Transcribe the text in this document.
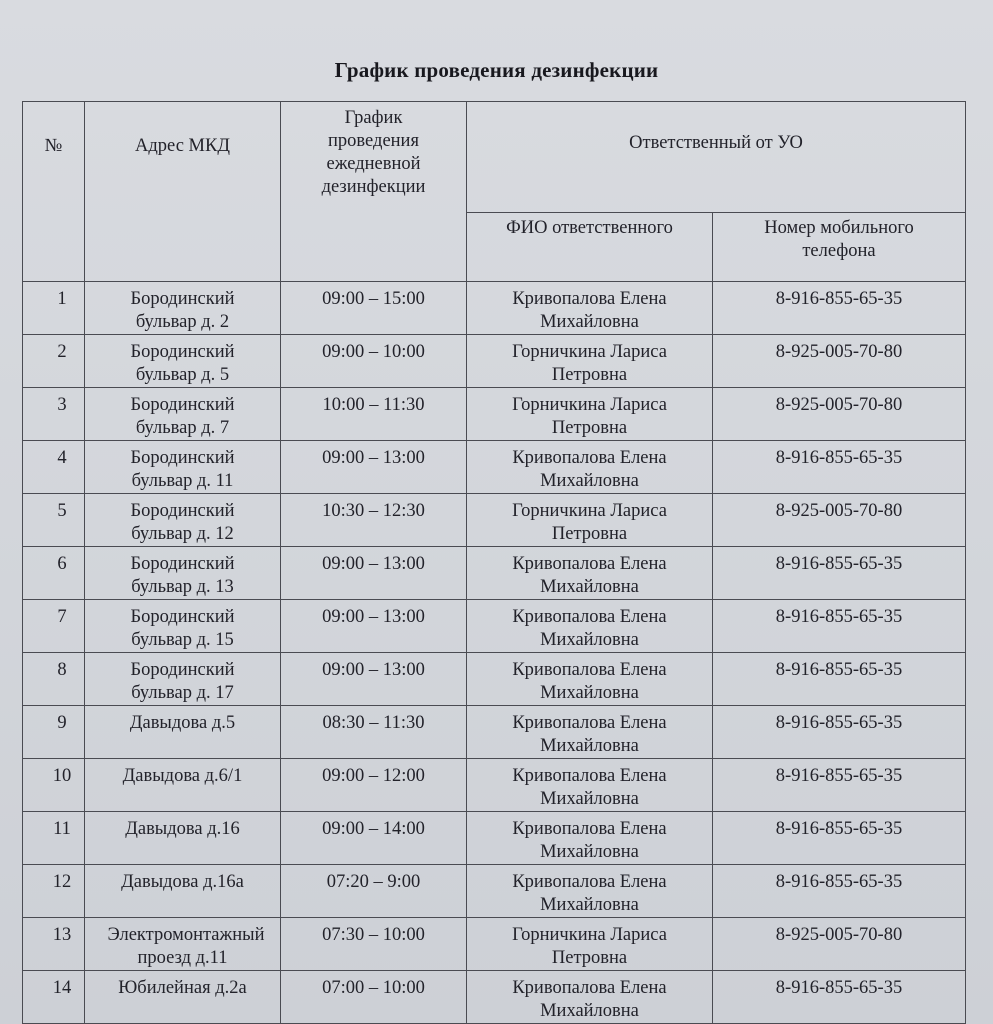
График проведения дезинфекции
№	Адрес МКД	График проведения ежедневной дезинфекции	Ответственный от УО	
			ФИО ответственного	Номер мобильного телефона

1	Бородинский бульвар д. 2	09:00 – 15:00	Кривопалова Елена Михайловна	8-916-855-65-35

2	Бородинский бульвар д. 5	09:00 – 10:00	Горничкина Лариса Петровна	8-925-005-70-80

3	Бородинский бульвар д. 7	10:00 – 11:30	Горничкина Лариса Петровна	8-925-005-70-80

4	Бородинский бульвар д. 11	09:00 – 13:00	Кривопалова Елена Михайловна	8-916-855-65-35

5	Бородинский бульвар д. 12	10:30 – 12:30	Горничкина Лариса Петровна	8-925-005-70-80

6	Бородинский бульвар д. 13	09:00 – 13:00	Кривопалова Елена Михайловна	8-916-855-65-35

7	Бородинский бульвар д. 15	09:00 – 13:00	Кривопалова Елена Михайловна	8-916-855-65-35

8	Бородинский бульвар д. 17	09:00 – 13:00	Кривопалова Елена Михайловна	8-916-855-65-35

9	Давыдова д.5	08:30 – 11:30	Кривопалова Елена Михайловна	8-916-855-65-35

10	Давыдова д.6/1	09:00 – 12:00	Кривопалова Елена Михайловна	8-916-855-65-35

11	Давыдова д.16	09:00 – 14:00	Кривопалова Елена Михайловна	8-916-855-65-35

12	Давыдова д.16а	07:20 – 9:00	Кривопалова Елена Михайловна	8-916-855-65-35

13	Электромонтажный проезд д.11	07:30 – 10:00	Горничкина Лариса Петровна	8-925-005-70-80

14	Юбилейная д.2а	07:00 – 10:00	Кривопалова Елена Михайловна	8-916-855-65-35
